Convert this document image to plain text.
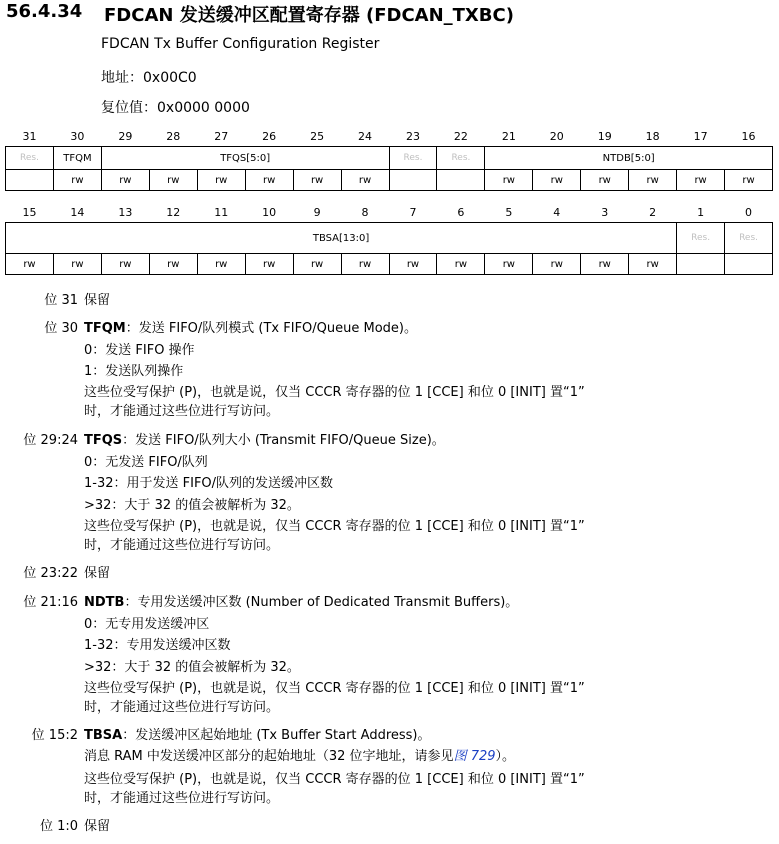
56.4.34 FDCAN 发送缓冲区配置寄存器 (FDCAN_TXBC)
FDCAN Tx Buffer Configuration Register
地址：0x00C0
复位值：0x0000 0000
31	30	29	28	27	26	25	24	23	22	21	20	19	18	17	16
Res.	TFQM	TFQS[5:0]						Res.	Res.	NTDB[5:0]					
	rw	rw	rw	rw	rw	rw	rw			rw	rw	rw	rw	rw	rw
15	14	13	12	11	10	9	8	7	6	5	4	3	2	1	0
TBSA[13:0]														Res.	Res.
rw	rw	rw	rw	rw	rw	rw	rw	rw	rw	rw	rw	rw	rw		
位 31 保留
位 30 TFQM：发送 FIFO/队列模式 (Tx FIFO/Queue Mode)。
0：发送 FIFO 操作
1：发送队列操作
这些位受写保护 (P)，也就是说，仅当 CCCR 寄存器的位 1 [CCE] 和位 0 [INIT] 置“1”
时，才能通过这些位进行写访问。
位 29:24 TFQS：发送 FIFO/队列大小 (Transmit FIFO/Queue Size)。
0：无发送 FIFO/队列
1-32：用于发送 FIFO/队列的发送缓冲区数
>32：大于 32 的值会被解析为 32。
这些位受写保护 (P)，也就是说，仅当 CCCR 寄存器的位 1 [CCE] 和位 0 [INIT] 置“1”
时，才能通过这些位进行写访问。
位 23:22 保留
位 21:16 NDTB：专用发送缓冲区数 (Number of Dedicated Transmit Buffers)。
0：无专用发送缓冲区
1-32：专用发送缓冲区数
>32：大于 32 的值会被解析为 32。
这些位受写保护 (P)，也就是说，仅当 CCCR 寄存器的位 1 [CCE] 和位 0 [INIT] 置“1”
时，才能通过这些位进行写访问。
位 15:2 TBSA：发送缓冲区起始地址 (Tx Buffer Start Address)。
消息 RAM 中发送缓冲区部分的起始地址（32 位字地址，请参见图 729）。
这些位受写保护 (P)，也就是说，仅当 CCCR 寄存器的位 1 [CCE] 和位 0 [INIT] 置“1”
时，才能通过这些位进行写访问。
位 1:0 保留
